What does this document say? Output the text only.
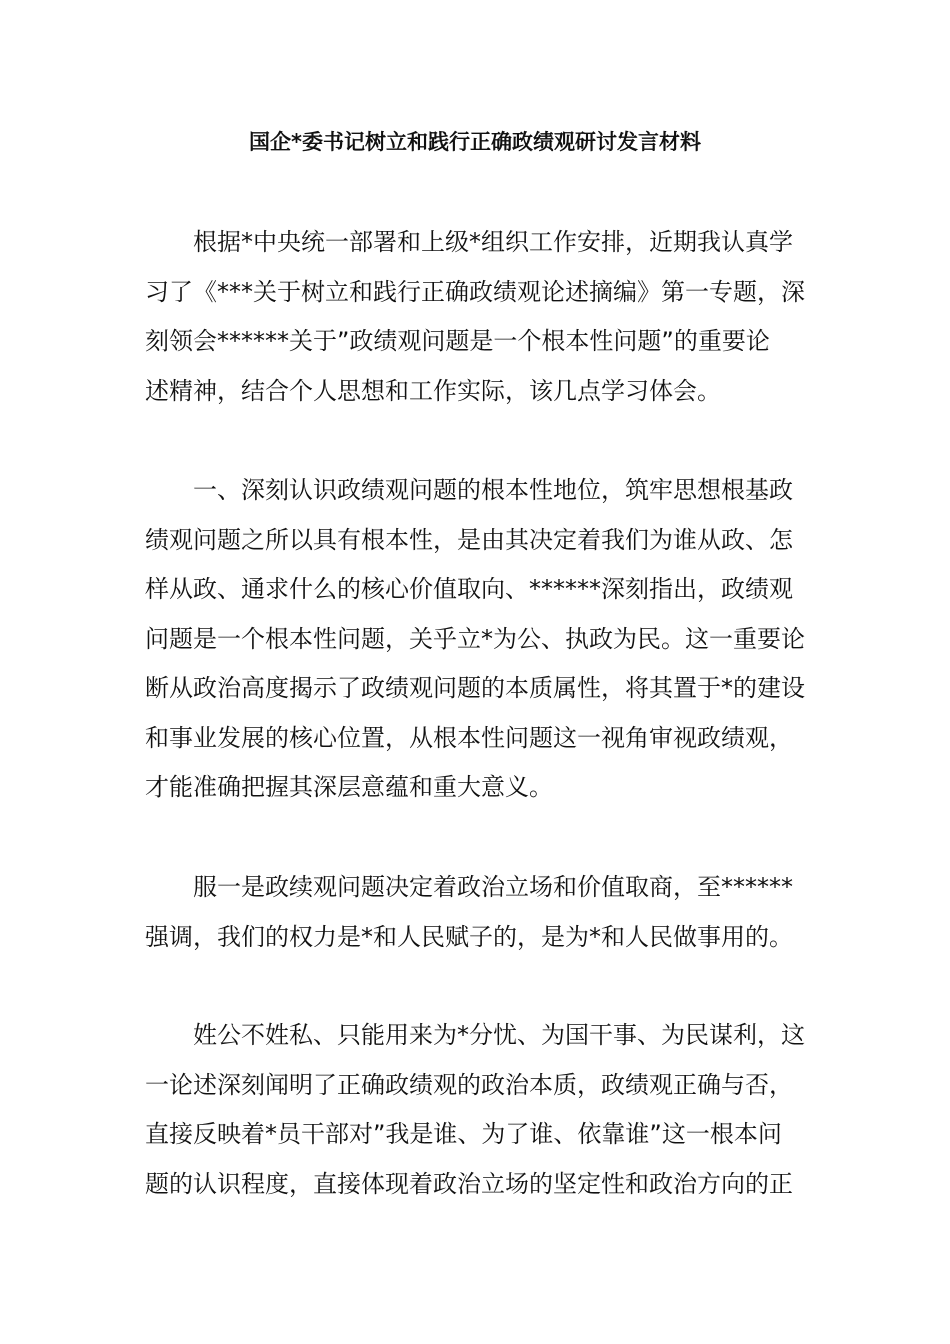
国企*委书记树立和践行正确政绩观研讨发言材料
根据*中央统一部署和上级*组织工作安排，近期我认真学
习了《***关于树立和践行正确政绩观论述摘编》第一专题，深
刻领会******关于”政绩观问题是一个根本性问题”的重要论
述精神，结合个人思想和工作实际，该几点学习体会。
一、深刻认识政绩观问题的根本性地位，筑牢思想根基政
绩观问题之所以具有根本性，是由其决定着我们为谁从政、怎
样从政、通求什么的核心价值取向、******深刻指出，政绩观
问题是一个根本性问题，关乎立*为公、执政为民。这一重要论
断从政治高度揭示了政绩观问题的本质属性，将其置于*的建设
和事业发展的核心位置，从根本性问题这一视角审视政绩观，
才能准确把握其深层意蕴和重大意义。
服一是政续观问题决定着政治立场和价值取商，至******
强调，我们的权力是*和人民赋子的，是为*和人民做事用的。
姓公不姓私、只能用来为*分忧、为国干事、为民谋利，这
一论述深刻闻明了正确政绩观的政治本质，政绩观正确与否，
直接反映着*员干部对”我是谁、为了谁、依靠谁”这一根本问
题的认识程度，直接体现着政治立场的坚定性和政治方向的正
